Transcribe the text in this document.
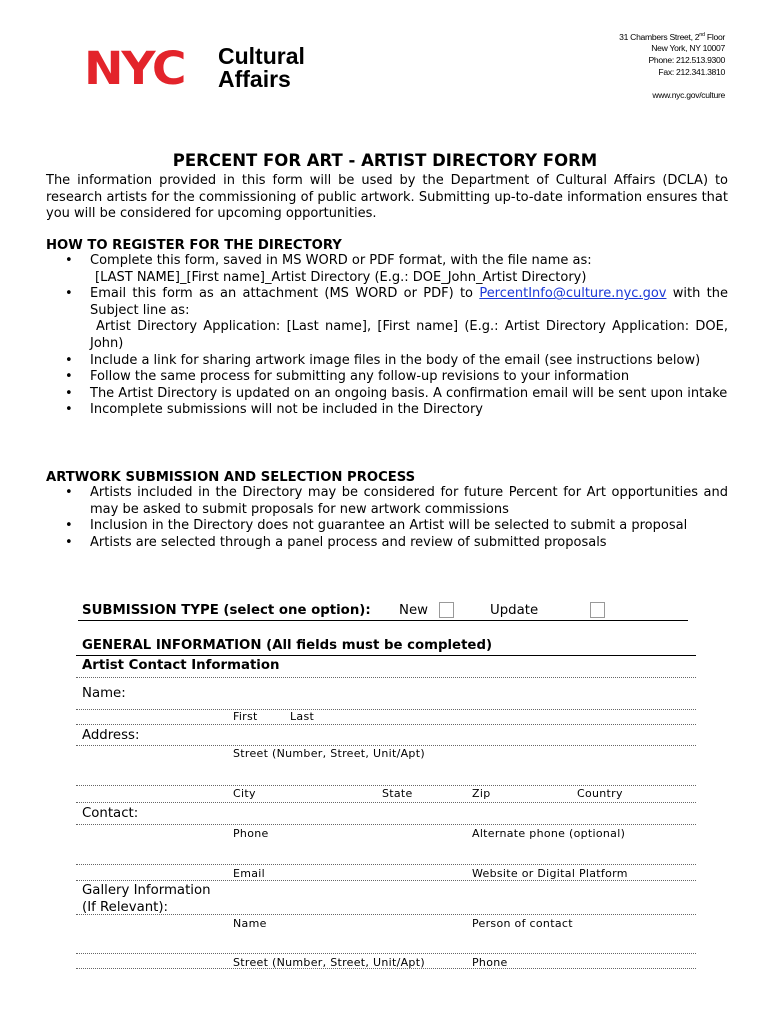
NYC Cultural
Affairs
31 Chambers Street, 2nd Floor
New York, NY 10007
Phone: 212.513.9300
Fax: 212.341.3810
www.nyc.gov/culture
PERCENT FOR ART - ARTIST DIRECTORY FORM
The information provided in this form will be used by the Department of Cultural Affairs (DCLA) to research artists for the commissioning of public artwork. Submitting up-to-date information ensures that you will be considered for upcoming opportunities.
HOW TO REGISTER FOR THE DIRECTORY
• Complete this form, saved in MS WORD or PDF format, with the file name as:
[LAST NAME]_[First name]_Artist Directory (E.g.: DOE_John_Artist Directory)
• Email this form as an attachment (MS WORD or PDF) to PercentInfo@culture.nyc.gov with the Subject line as:
Artist Directory Application: [Last name], [First name] (E.g.: Artist Directory Application: DOE, John)
• Include a link for sharing artwork image files in the body of the email (see instructions below)
• Follow the same process for submitting any follow-up revisions to your information
• The Artist Directory is updated on an ongoing basis. A confirmation email will be sent upon intake
• Incomplete submissions will not be included in the Directory
ARTWORK SUBMISSION AND SELECTION PROCESS
• Artists included in the Directory may be considered for future Percent for Art opportunities and may be asked to submit proposals for new artwork commissions
• Inclusion in the Directory does not guarantee an Artist will be selected to submit a proposal
• Artists are selected through a panel process and review of submitted proposals
SUBMISSION TYPE (select one option): New	Update
GENERAL INFORMATION (All fields must be completed)
Artist Contact Information
Name:
First	Last
Address:
Street (Number, Street, Unit/Apt)
City	State	Zip	Country
Contact:
Phone	Alternate phone (optional)
Email	Website or Digital Platform
Gallery Information
(If Relevant):
Name	Person of contact
Street (Number, Street, Unit/Apt)	Phone
